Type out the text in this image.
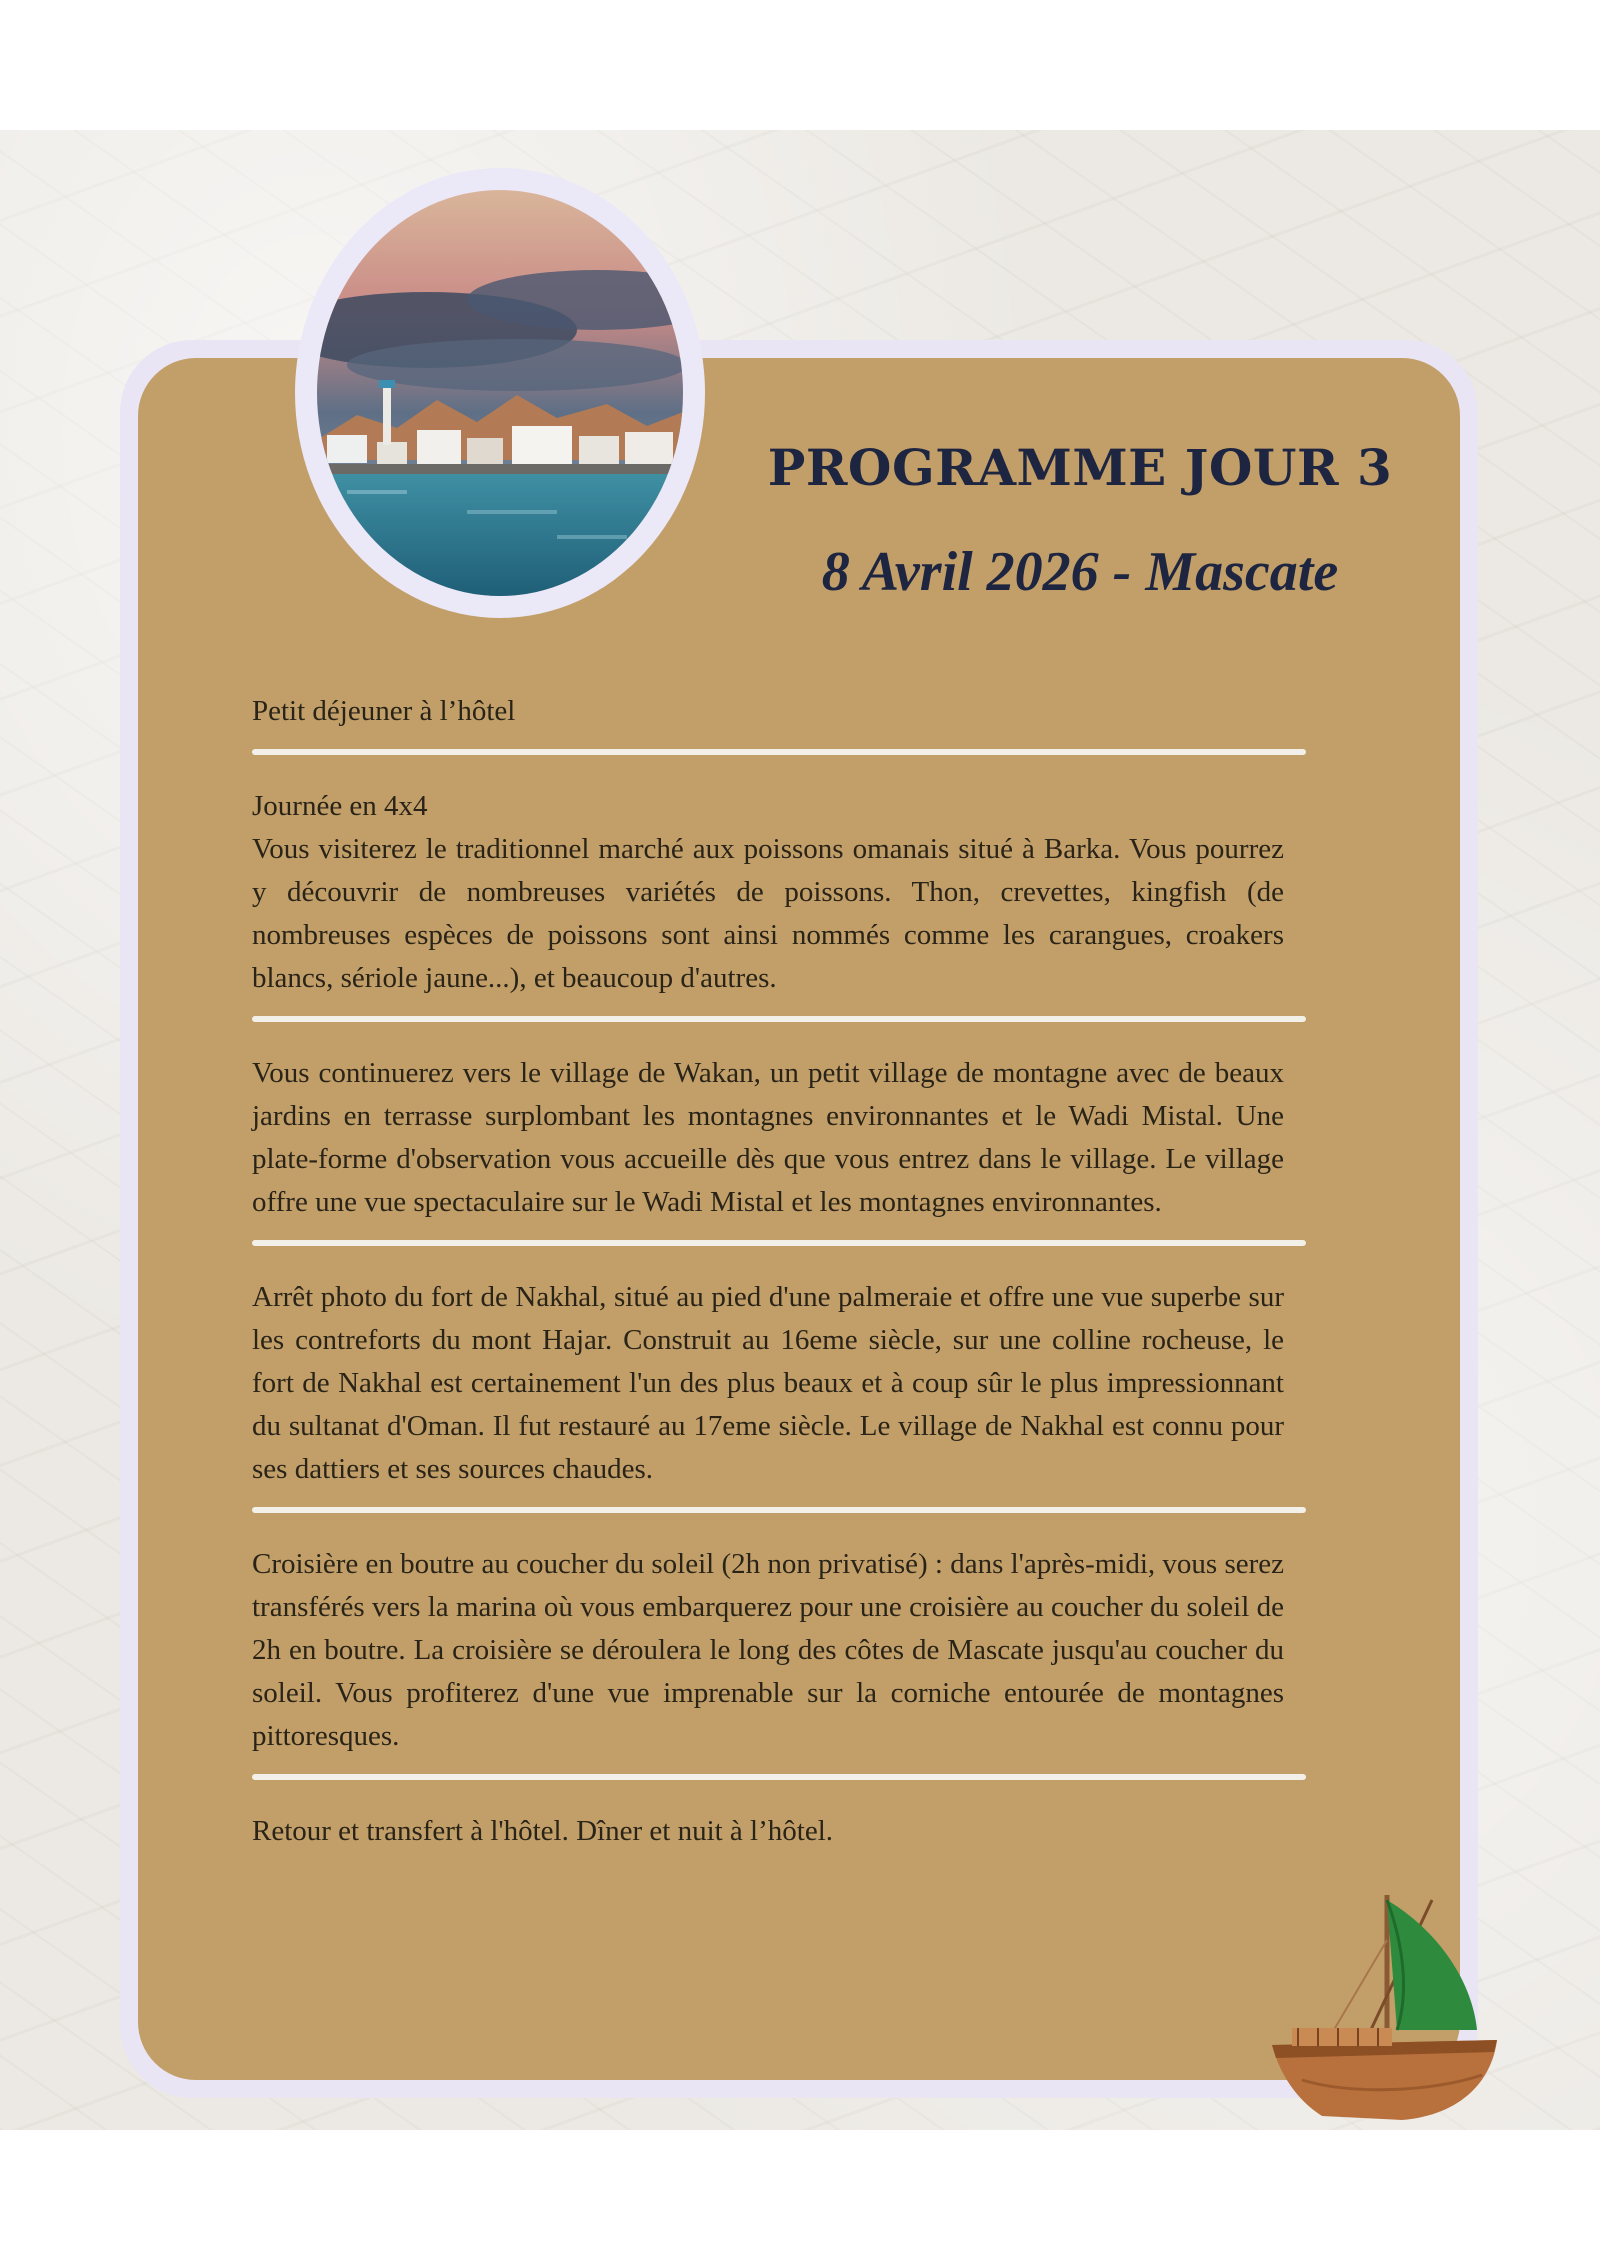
PROGRAMME JOUR 3
8 Avril 2026 - Mascate

Petit déjeuner à l’hôtel

Journée en 4x4
Vous visiterez le traditionnel marché aux poissons omanais situé à Barka. Vous pourrez y découvrir de nombreuses variétés de poissons. Thon, crevettes, kingfish (de nombreuses espèces de poissons sont ainsi nommés comme les carangues, croakers blancs, sériole jaune...), et beaucoup d'autres.

Vous continuerez vers le village de Wakan, un petit village de montagne avec de beaux jardins en terrasse surplombant les montagnes environnantes et le Wadi Mistal. Une plate-forme d'observation vous accueille dès que vous entrez dans le village. Le village offre une vue spectaculaire sur le Wadi Mistal et les montagnes environnantes.

Arrêt photo du fort de Nakhal, situé au pied d'une palmeraie et offre une vue superbe sur les contreforts du mont Hajar. Construit au 16eme siècle, sur une colline rocheuse, le fort de Nakhal est certainement l'un des plus beaux et à coup sûr le plus impressionnant du sultanat d'Oman. Il fut restauré au 17eme siècle. Le village de Nakhal est connu pour ses dattiers et ses sources chaudes.

Croisière en boutre au coucher du soleil (2h non privatisé) : dans l'après-midi, vous serez transférés vers la marina où vous embarquerez pour une croisière au coucher du soleil de 2h en boutre. La croisière se déroulera le long des côtes de Mascate jusqu'au coucher du soleil. Vous profiterez d'une vue imprenable sur la corniche entourée de montagnes pittoresques.

Retour et transfert à l'hôtel. Dîner et nuit à l’hôtel.
